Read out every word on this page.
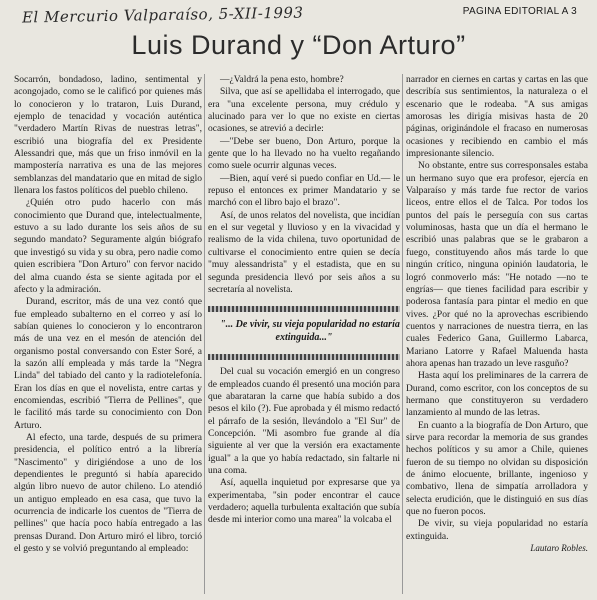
El Mercurio Valparaíso, 5-XII-1993	PAGINA EDITORIAL A 3
Luis Durand y “Don Arturo”

Socarrón, bondadoso, ladino, sentimental y acongojado, como se le calificó por quienes más lo conocieron y lo trataron, Luis Durand, ejemplo de tenacidad y vocación auténtica "verdadero Martín Rivas de nuestras letras", escribió una biografía del ex Presidente Alessandri que, más que un friso inmóvil en la mampostería narrativa es una de las mejores semblanzas del mandatario que en mitad de siglo llenara los fastos políticos del pueblo chileno.

¿Quién otro pudo hacerlo con más conocimiento que Durand que, intelectualmente, estuvo a su lado durante los seis años de su segundo mandato? Seguramente algún biógrafo que investigó su vida y su obra, pero nadie como quien escribiera "Don Arturo" con fervor nacido del alma cuando ésta se siente agitada por el afecto y la admiración.

Durand, escritor, más de una vez contó que fue empleado subalterno en el correo y así lo sabían quienes lo conocieron y lo encontraron más de una vez en el mesón de atención del organismo postal conversando con Ester Soré, a la sazón allí empleada y más tarde la "Negra Linda" del tabiado del canto y la radiotelefonía. Eran los días en que el novelista, entre cartas y encomiendas, escribió "Tierra de Pellines", que le facilitó más tarde su conocimiento con Don Arturo.

Al efecto, una tarde, después de su primera presidencia, el político entró a la librería "Nascimento" y dirigiéndose a uno de los dependientes le preguntó si había aparecido algún libro nuevo de autor chileno. Lo atendió un antiguo empleado en esa casa, que tuvo la ocurrencia de indicarle los cuentos de "Tierra de pellines" que hacía poco había entregado a las prensas Durand. Don Arturo miró el libro, torció el gesto y se volvió preguntando al empleado:

—¿Valdrá la pena esto, hombre?

Silva, que así se apellidaba el interrogado, que era "una excelente persona, muy crédulo y alucinado para ver lo que no existe en ciertas ocasiones, se atrevió a decirle:

—"Debe ser bueno, Don Arturo, porque la gente que lo ha llevado no ha vuelto regañando como suele ocurrir algunas veces.

—Bien, aquí veré si puedo confiar en Ud.— le repuso el entonces ex primer Mandatario y se marchó con el libro bajo el brazo".

Así, de unos relatos del novelista, que incidían en el sur vegetal y lluvioso y en la vivacidad y realismo de la vida chilena, tuvo oportunidad de cultivarse el conocimiento entre quien se decía "muy alessandrista" y el estadista, que en su segunda presidencia llevó por seis años a su secretaría al novelista.

"... De vivir, su vieja popularidad no estaría extinguida..."

Del cual su vocación emergió en un congreso de empleados cuando él presentó una moción para que abarataran la carne que había subido a dos pesos el kilo (?). Fue aprobada y él mismo redactó el párrafo de la sesión, llevándolo a "El Sur" de Concepción. "Mi asombro fue grande al día siguiente al ver que la versión era exactamente igual" a la que yo había redactado, sin faltarle ni una coma.

Así, aquella inquietud por expresarse que ya experimentaba, "sin poder encontrar el cauce verdadero; aquella turbulenta exaltación que subía desde mi interior como una marea" la volcaba el

narrador en ciernes en cartas y cartas en las que describía sus sentimientos, la naturaleza o el escenario que le rodeaba. "A sus amigas amorosas les dirigía misivas hasta de 20 páginas, originándole el fracaso en numerosas ocasiones y recibiendo en cambio el más impresionante silencio.

No obstante, entre sus corresponsales estaba un hermano suyo que era profesor, ejercía en Valparaíso y más tarde fue rector de varios liceos, entre ellos el de Talca. Por todos los puntos del país le perseguía con sus cartas voluminosas, hasta que un día el hermano le escribió unas palabras que se le grabaron a fuego, constituyendo años más tarde lo que ningún crítico, ninguna opinión laudatoria, le logró conmoverlo más: "He notado —no te engrías— que tienes facilidad para escribir y poderosa fantasía para pintar el medio en que vives. ¿Por qué no la aprovechas escribiendo cuentos y narraciones de nuestra tierra, en las cuales Federico Gana, Guillermo Labarca, Mariano Latorre y Rafael Maluenda hasta ahora apenas han trazado un leve rasguño?

Hasta aquí los preliminares de la carrera de Durand, como escritor, con los conceptos de su hermano que constituyeron su verdadero lanzamiento al mundo de las letras.

En cuanto a la biografía de Don Arturo, que sirve para recordar la memoria de sus grandes hechos políticos y su amor a Chile, quienes fueron de su tiempo no olvidan su disposición de ánimo elocuente, brillante, ingenioso y combativo, llena de simpatía arrolladora y selecta erudición, que le distinguió en sus días que no fueron pocos.

De vivir, su vieja popularidad no estaría extinguida.

Lautaro Robles.
